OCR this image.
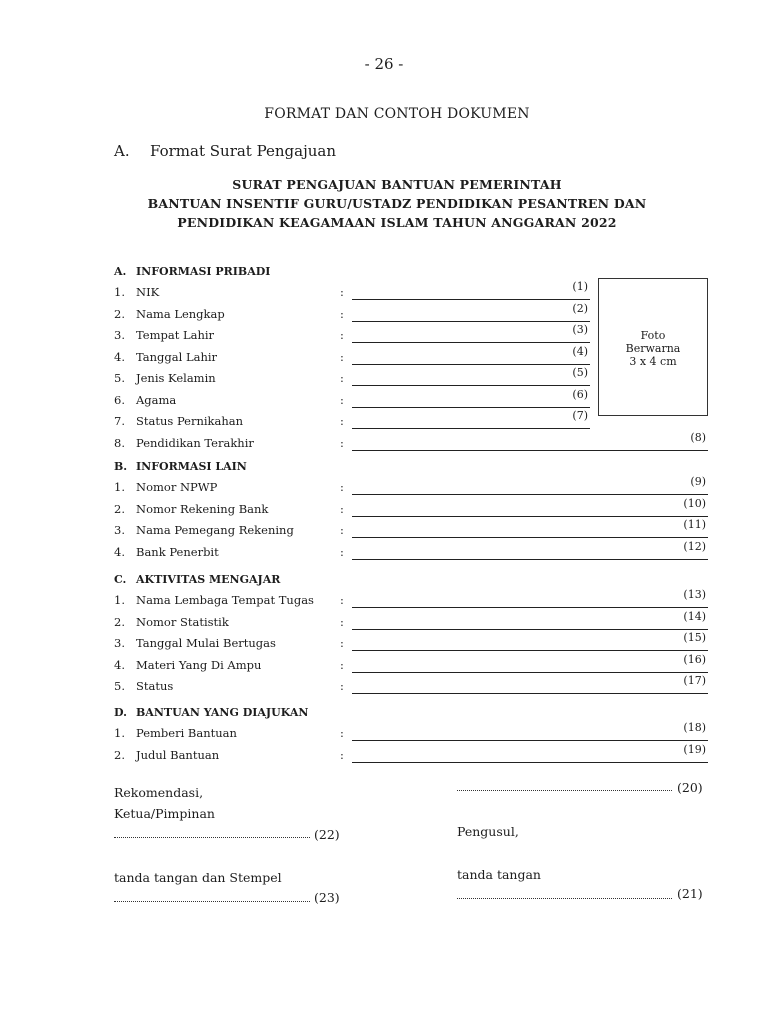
- 26 -
FORMAT DAN CONTOH DOKUMEN
A. Format Surat Pengajuan
SURAT PENGAJUAN BANTUAN PEMERINTAH
BANTUAN INSENTIF GURU/USTADZ PENDIDIKAN PESANTREN DAN
PENDIDIKAN KEAGAMAAN ISLAM TAHUN ANGGARAN 2022
Foto
Berwarna
3 x 4 cm
A. INFORMASI PRIBADI
1. NIK	:	(1)
2. Nama Lengkap	:	(2)
3. Tempat Lahir	:	(3)
4. Tanggal Lahir	:	(4)
5. Jenis Kelamin	:	(5)
6. Agama	:	(6)
7. Status Pernikahan	:	(7)
8. Pendidikan Terakhir	:	(8)
B. INFORMASI LAIN
1. Nomor NPWP	:	(9)
2. Nomor Rekening Bank	:	(10)
3. Nama Pemegang Rekening	:	(11)
4. Bank Penerbit	:	(12)
C. AKTIVITAS MENGAJAR
1. Nama Lembaga Tempat Tugas :	(13)
2. Nomor Statistik	:	(14)
3. Tanggal Mulai Bertugas	:	(15)
4. Materi Yang Di Ampu	:	(16)
5. Status	:	(17)
D. BANTUAN YANG DIAJUKAN
1. Pemberi Bantuan	:	(18)
2. Judul Bantuan	:	(19)
Rekomendasi,
Ketua/Pimpinan
(22)
tanda tangan dan Stempel
(23)
(20)
Pengusul,
tanda tangan
(21)
